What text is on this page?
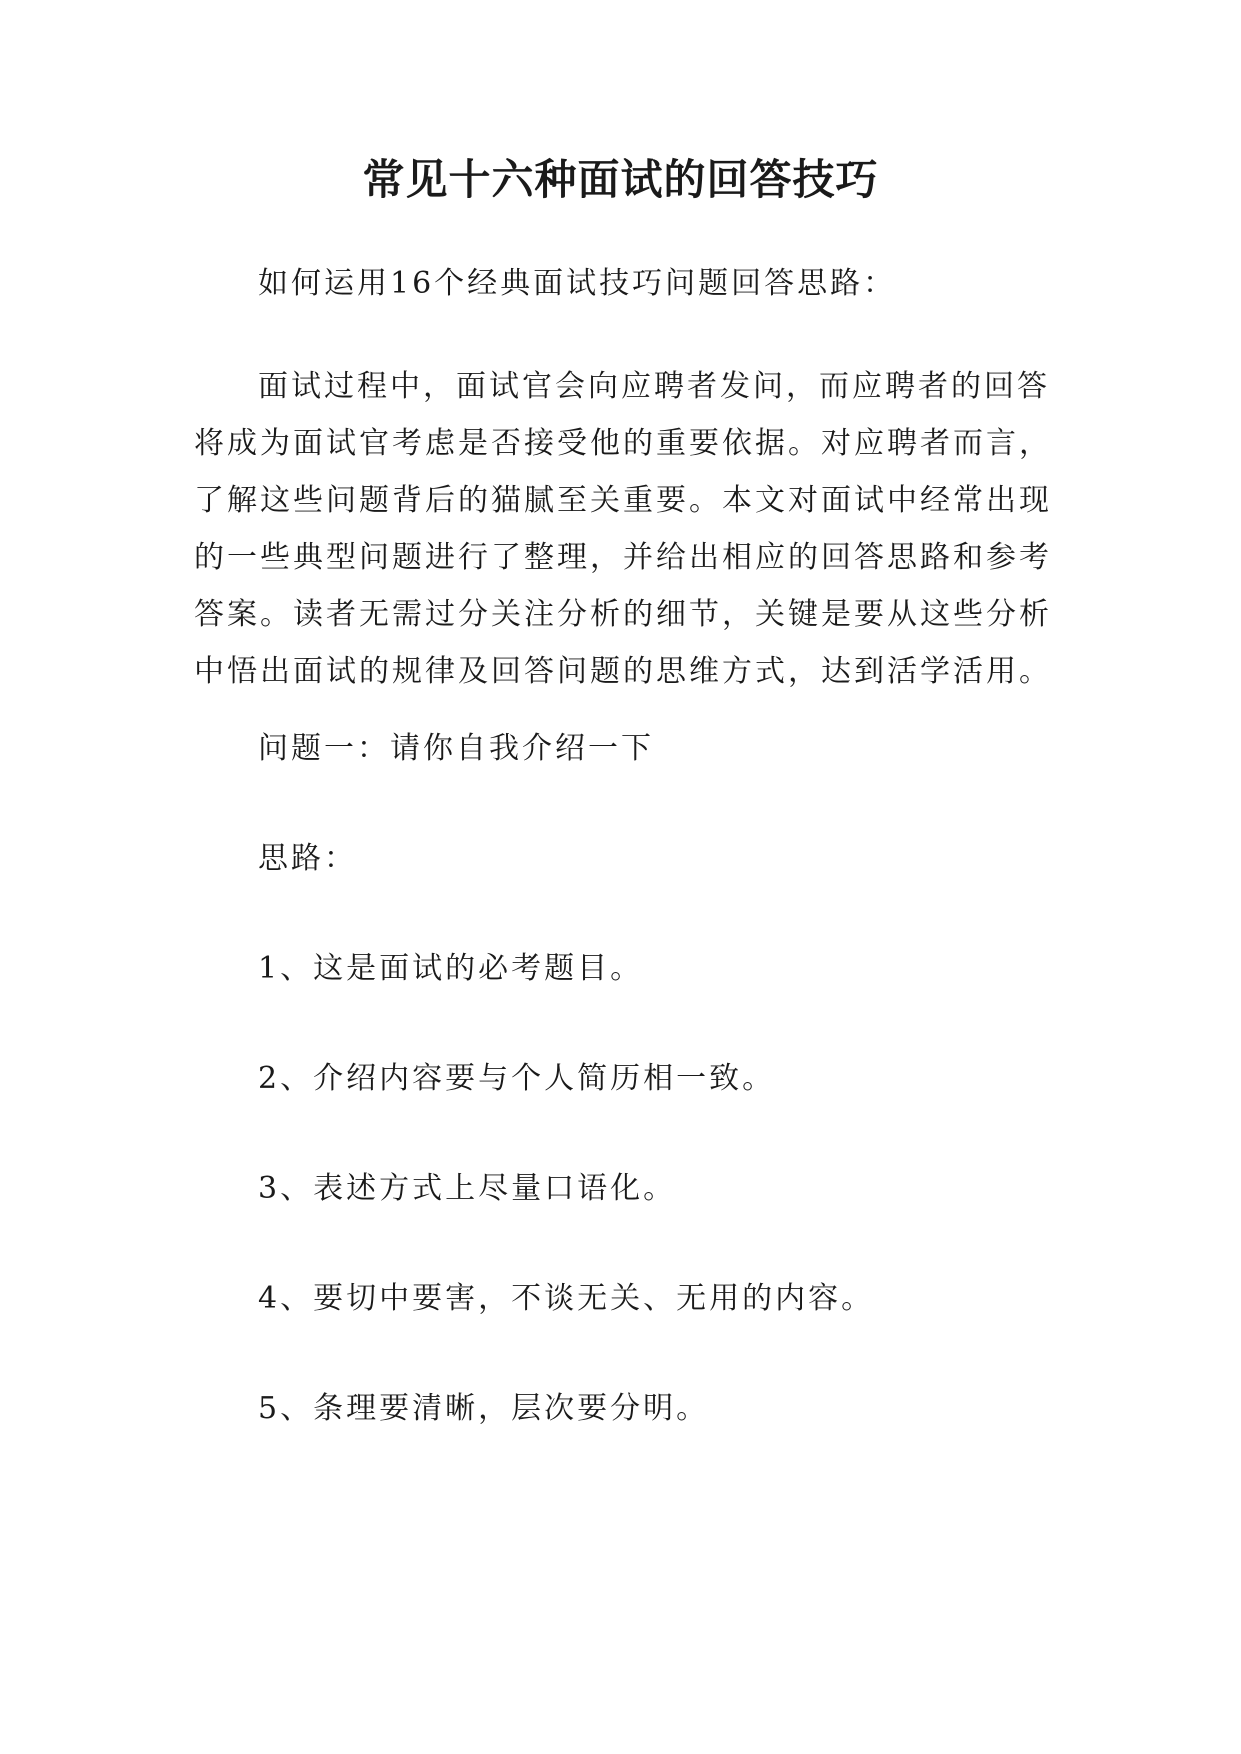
常见十六种面试的回答技巧

如何运用16个经典面试技巧问题回答思路：

面试过程中，面试官会向应聘者发问，而应聘者的回答
将成为面试官考虑是否接受他的重要依据。对应聘者而言，
了解这些问题背后的猫腻至关重要。本文对面试中经常出现
的一些典型问题进行了整理，并给出相应的回答思路和参考
答案。读者无需过分关注分析的细节，关键是要从这些分析
中悟出面试的规律及回答问题的思维方式，达到活学活用。

问题一：请你自我介绍一下

思路：

1、这是面试的必考题目。

2、介绍内容要与个人简历相一致。

3、表述方式上尽量口语化。

4、要切中要害，不谈无关、无用的内容。

5、条理要清晰，层次要分明。
